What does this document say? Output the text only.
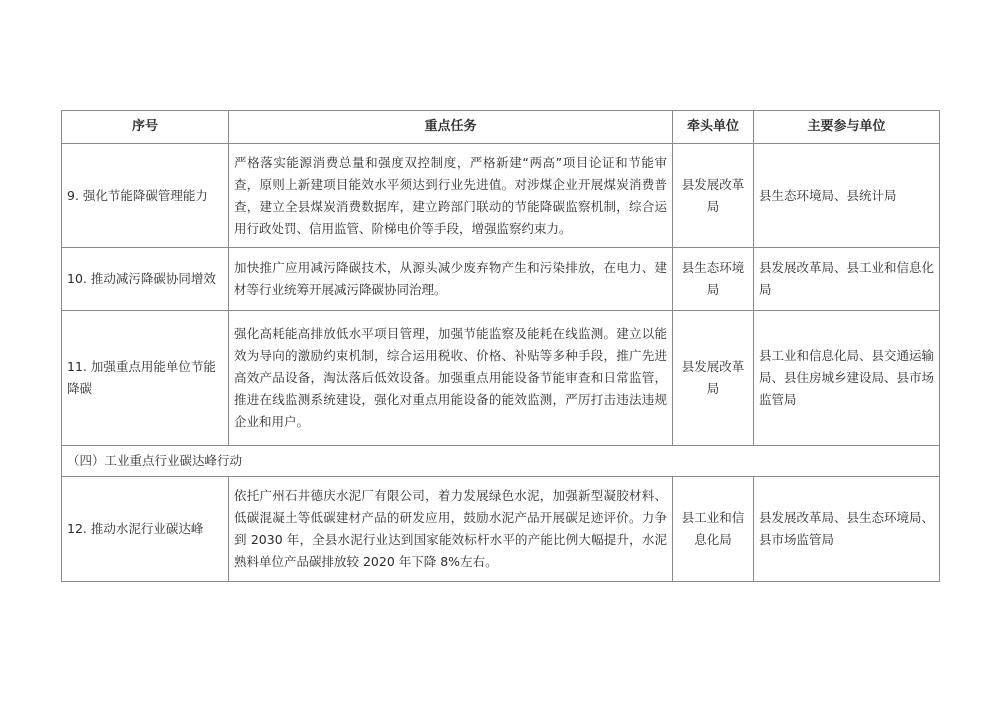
序号	重点任务	牵头单位	主要参与单位
9. 强化节能降碳管理能力	严格落实能源消费总量和强度双控制度，严格新建“两高”项目论证和节能审查，原则上新建项目能效水平须达到行业先进值。对涉煤企业开展煤炭消费普查，建立全县煤炭消费数据库，建立跨部门联动的节能降碳监察机制，综合运用行政处罚、信用监管、阶梯电价等手段，增强监察约束力。	县发展改革局	县生态环境局、县统计局
10. 推动减污降碳协同增效	加快推广应用减污降碳技术，从源头减少废弃物产生和污染排放，在电力、建材等行业统筹开展减污降碳协同治理。	县生态环境局	县发展改革局、县工业和信息化局
11. 加强重点用能单位节能降碳	强化高耗能高排放低水平项目管理，加强节能监察及能耗在线监测。建立以能效为导向的激励约束机制，综合运用税收、价格、补贴等多种手段，推广先进高效产品设备，淘汰落后低效设备。加强重点用能设备节能审查和日常监管，推进在线监测系统建设，强化对重点用能设备的能效监测，严厉打击违法违规企业和用户。	县发展改革局	县工业和信息化局、县交通运输局、县住房城乡建设局、县市场监管局
（四）工业重点行业碳达峰行动			
12. 推动水泥行业碳达峰	依托广州石井德庆水泥厂有限公司，着力发展绿色水泥，加强新型凝胶材料、低碳混凝土等低碳建材产品的研发应用，鼓励水泥产品开展碳足迹评价。力争到 2030 年，全县水泥行业达到国家能效标杆水平的产能比例大幅提升，水泥熟料单位产品碳排放较 2020 年下降 8%左右。	县工业和信息化局	县发展改革局、县生态环境局、县市场监管局
